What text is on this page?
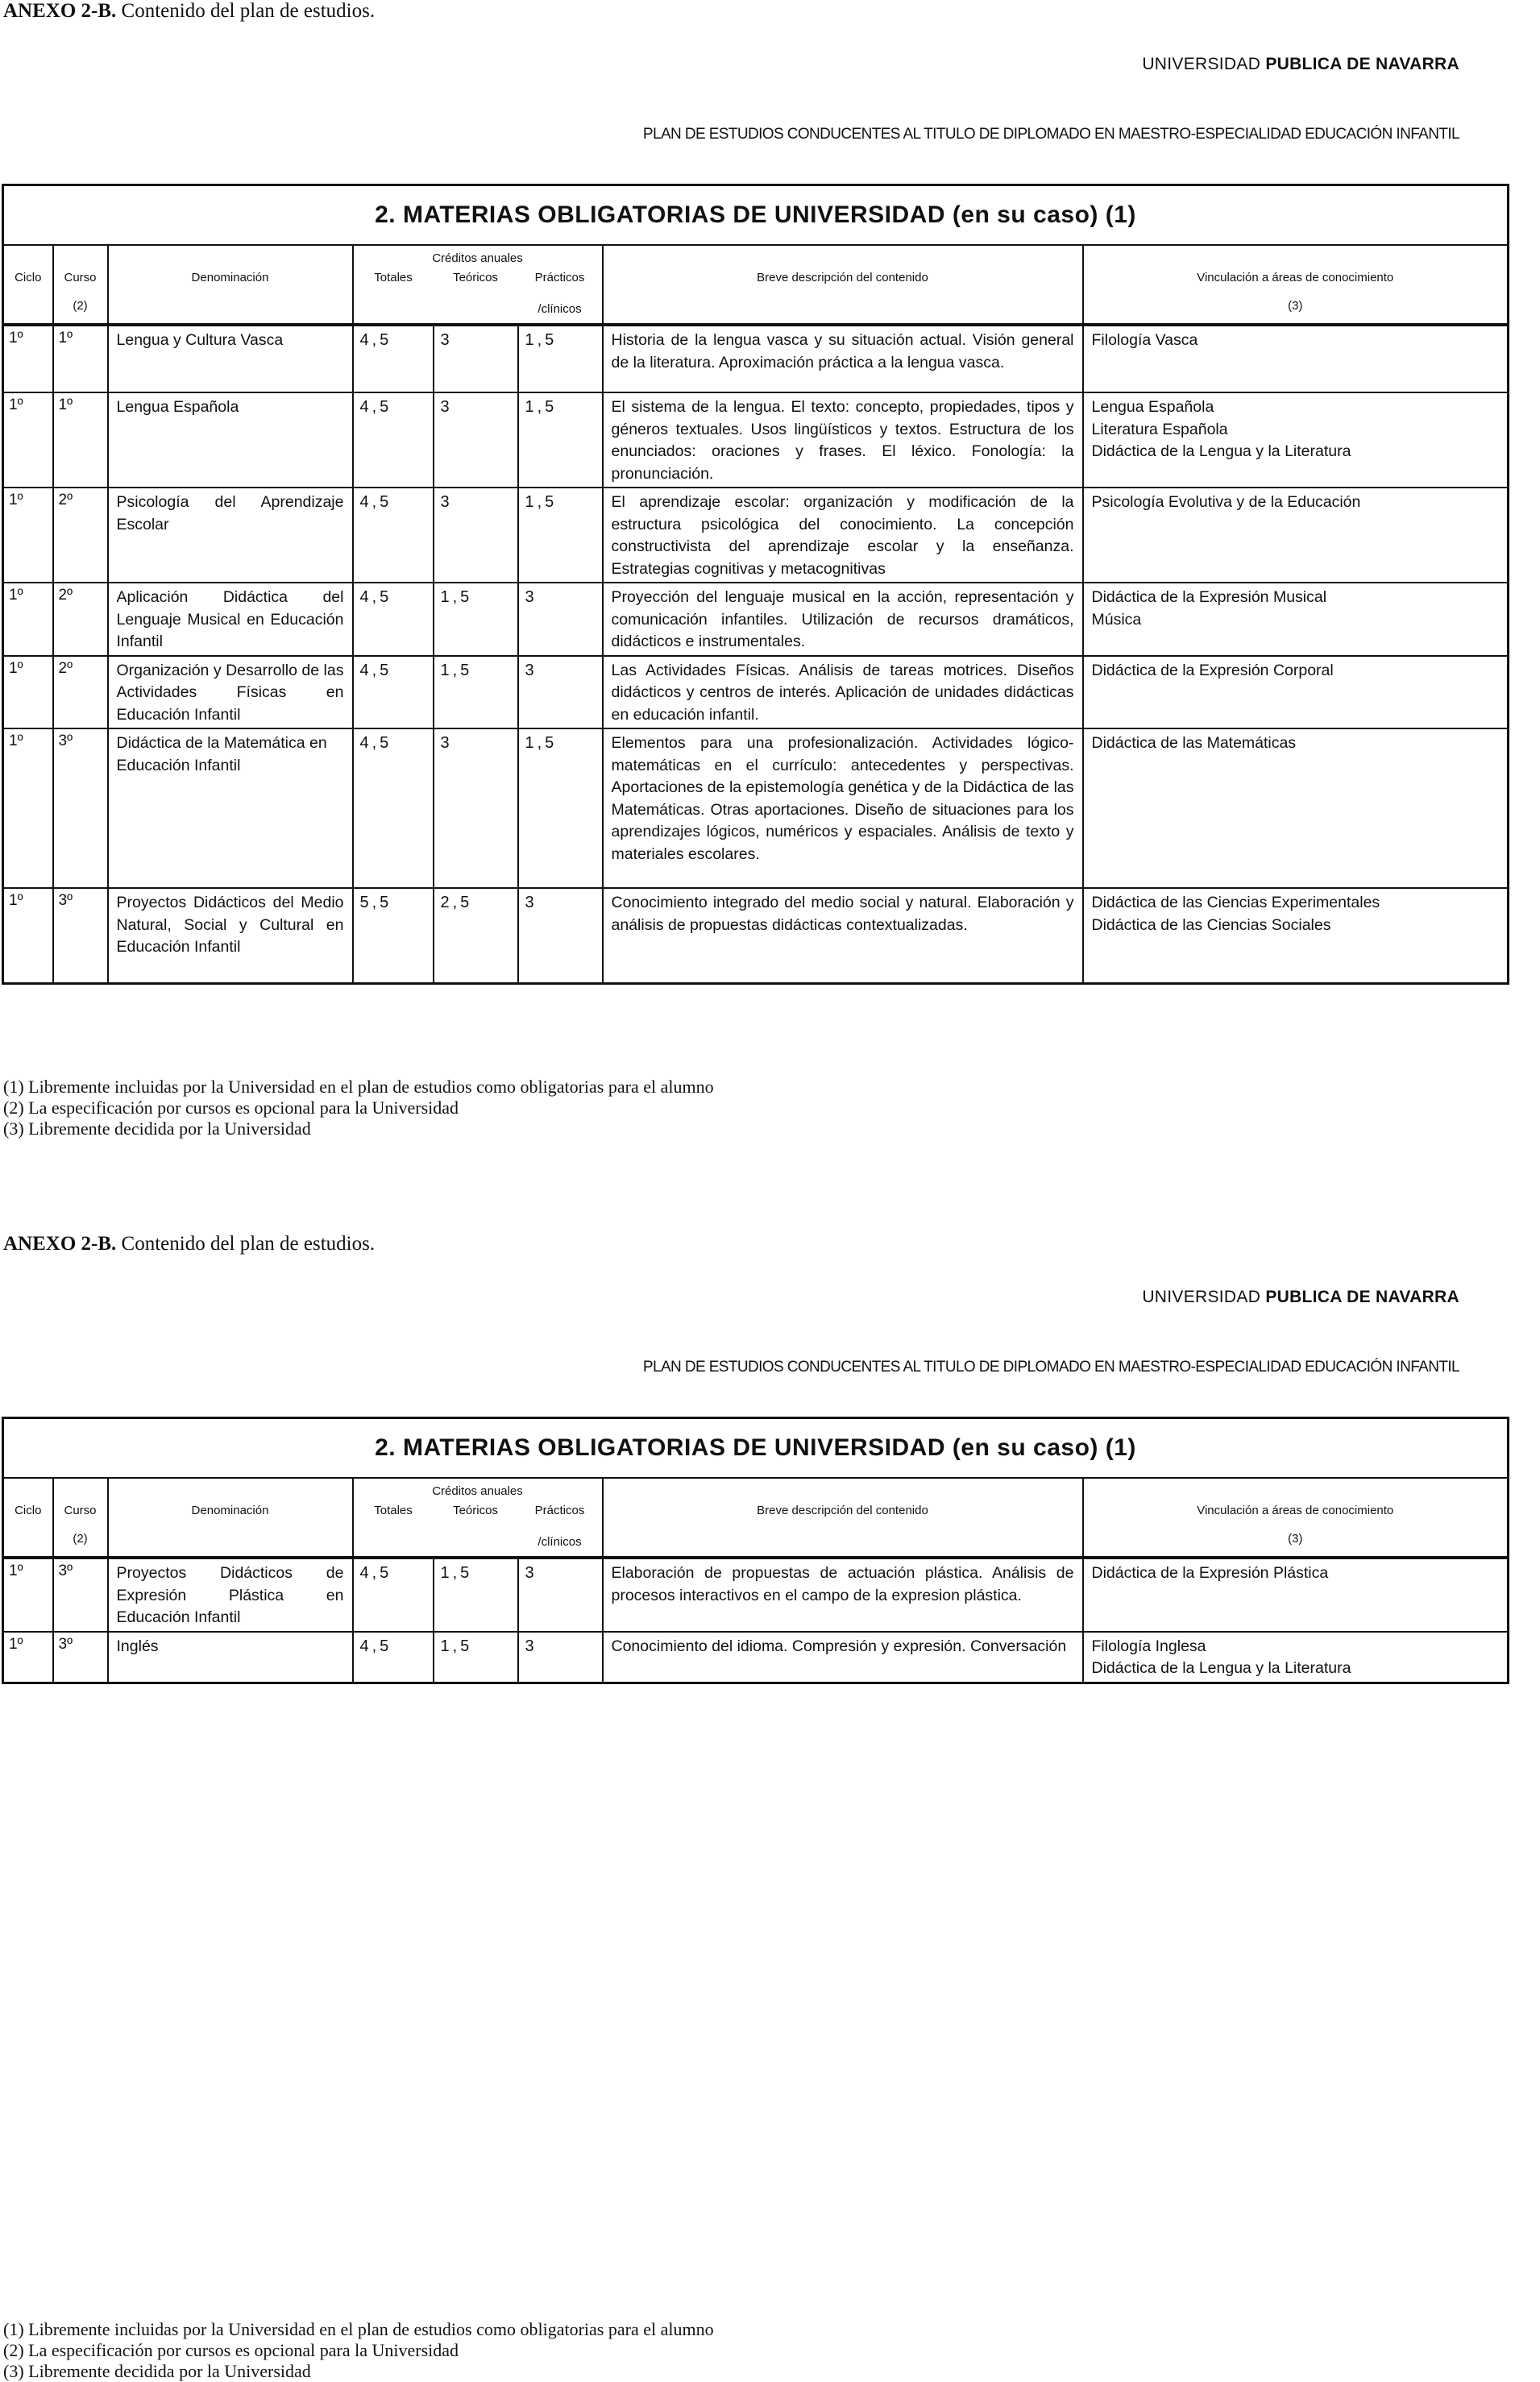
ANEXO 2-B. Contenido del plan de estudios.
UNIVERSIDAD PUBLICA DE NAVARRA
PLAN DE ESTUDIOS CONDUCENTES AL TITULO DE DIPLOMADO EN MAESTRO-ESPECIALIDAD EDUCACIÓN INFANTIL
2. MATERIAS OBLIGATORIAS DE UNIVERSIDAD (en su caso) (1)
			Créditos anuales		
Ciclo	Curso	Denominación	Totales	Teóricos	Prácticos	Breve descripción del contenido	Vinculación a áreas de conocimiento
	(2)				/clínicos		(3)
1º	1º	Lengua y Cultura Vasca	4,5	3	1,5	Historia de la lengua vasca y su situación actual. Visión general de la literatura. Aproximación práctica a la lengua vasca.	Filología Vasca
1º	1º	Lengua Española	4,5	3	1,5	El sistema de la lengua. El texto: concepto, propiedades, tipos y géneros textuales. Usos lingüísticos y textos. Estructura de los enunciados: oraciones y frases. El léxico. Fonología: la pronunciación.	Lengua Española
Literatura Española
Didáctica de la Lengua y la Literatura
1º	2º	Psicología del Aprendizaje Escolar	4,5	3	1,5	El aprendizaje escolar: organización y modificación de la estructura psicológica del conocimiento. La concepción constructivista del aprendizaje escolar y la enseñanza. Estrategias cognitivas y metacognitivas	Psicología Evolutiva y de la Educación
1º	2º	Aplicación Didáctica del Lenguaje Musical en Educación Infantil	4,5	1,5	3	Proyección del lenguaje musical en la acción, representación y comunicación infantiles. Utilización de recursos dramáticos, didácticos e instrumentales.	Didáctica de la Expresión Musical
Música
1º	2º	Organización y Desarrollo de las Actividades Físicas en Educación Infantil	4,5	1,5	3	Las Actividades Físicas. Análisis de tareas motrices. Diseños didácticos y centros de interés. Aplicación de unidades didácticas en educación infantil.	Didáctica de la Expresión Corporal
1º	3º	Didáctica de la Matemática en Educación Infantil	4,5	3	1,5	Elementos para una profesionalización. Actividades lógico-matemáticas en el currículo: antecedentes y perspectivas. Aportaciones de la epistemología genética y de la Didáctica de las Matemáticas. Otras aportaciones. Diseño de situaciones para los aprendizajes lógicos, numéricos y espaciales. Análisis de texto y materiales escolares.	Didáctica de las Matemáticas
1º	3º	Proyectos Didácticos del Medio Natural, Social y Cultural en Educación Infantil	5,5	2,5	3	Conocimiento integrado del medio social y natural. Elaboración y análisis de propuestas didácticas contextualizadas.	Didáctica de las Ciencias Experimentales
Didáctica de las Ciencias Sociales
(1) Libremente incluidas por la Universidad en el plan de estudios como obligatorias para el alumno
(2) La especificación por cursos es opcional para la Universidad
(3) Libremente decidida por la Universidad
ANEXO 2-B. Contenido del plan de estudios.
UNIVERSIDAD PUBLICA DE NAVARRA
PLAN DE ESTUDIOS CONDUCENTES AL TITULO DE DIPLOMADO EN MAESTRO-ESPECIALIDAD EDUCACIÓN INFANTIL
2. MATERIAS OBLIGATORIAS DE UNIVERSIDAD (en su caso) (1)
			Créditos anuales		
Ciclo	Curso	Denominación	Totales	Teóricos	Prácticos	Breve descripción del contenido	Vinculación a áreas de conocimiento
	(2)				/clínicos		(3)
1º	3º	Proyectos Didácticos de Expresión Plástica en Educación Infantil	4,5	1,5	3	Elaboración de propuestas de actuación plástica. Análisis de procesos interactivos en el campo de la expresion plástica.	Didáctica de la Expresión Plástica
1º	3º	Inglés	4,5	1,5	3	Conocimiento del idioma. Compresión y expresión. Conversación	Filología Inglesa
Didáctica de la Lengua y la Literatura
(1) Libremente incluidas por la Universidad en el plan de estudios como obligatorias para el alumno
(2) La especificación por cursos es opcional para la Universidad
(3) Libremente decidida por la Universidad
